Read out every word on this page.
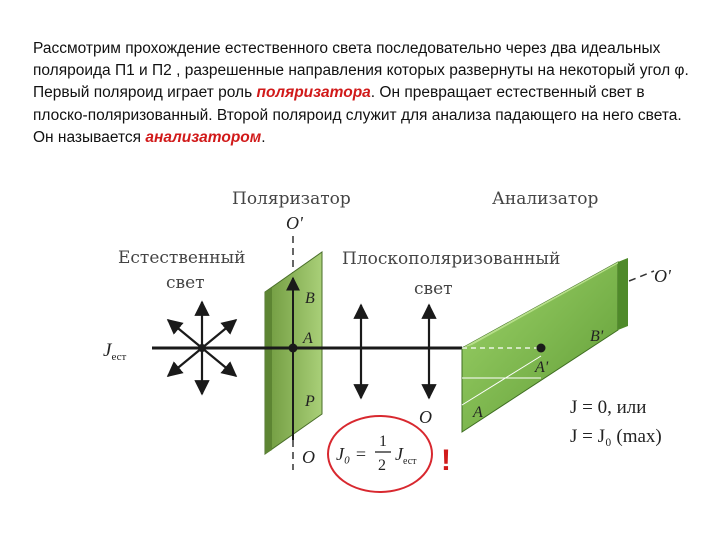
Рассмотрим прохождение естественного света последовательно через два идеальных поляроида П1 и П2 , разрешенные направления которых развернуты на некоторый угол φ. Первый поляроид играет роль поляризатора. Он превращает естественный свет в плоско-поляризованный. Второй поляроид служит для анализа падающего на него света. Он называется анализатором.
Поляризатор	Анализатор
Естественный
свет
Плоскополяризованный
свет
O'
O
B
A
P
$J_{ест}$
B'
A'
A
O'
O	J = 0, или
J = J₀ (max)
J₀ =
1
2
$J_{ест}$ !
